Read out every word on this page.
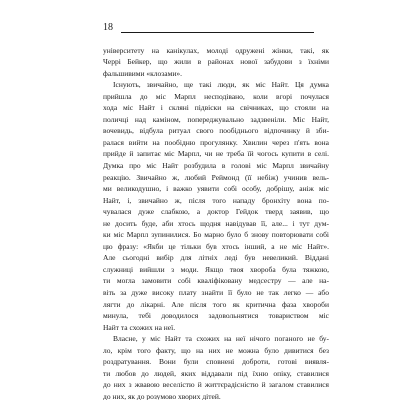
18
університету на канікулах, молоді одружені жінки, такі, як
Черрі Бейкер, що жили в районах нової забудови з їхніми
фальшивими «клозами».
Існують, звичайно, ще такі люди, як міс Найт. Ця думка
прийшла до міс Марпл несподівано, коли вгорі почулася
хода міс Найт і скляні підвіски на свічниках, що стояли на
поличці над каміном, попереджувально задзвеніли. Міс Найт,
вочевидь, відбула ритуал свого пообіднього відпочинку й зби-
ралася вийти на пообідню прогулянку. Хвилин через п'ять вона
прийде й запитає міс Марпл, чи не треба їй чогось купити в селі.
Думка про міс Найт розбудила в голові міс Марпл звичайну
реакцію. Звичайно ж, любий Реймонд (її небіж) учинив вель-
ми великодушно, і важко уявити собі особу, добрішу, аніж міс
Найт, і, звичайно ж, після того нападу бронхіту вона по-
чувалася дуже слабкою, а доктор Гейдок тверд заявив, що
не досить буде, аби хтось щодня навідував її, але... і тут дум-
ки міс Марпл зупинилися. Бо марно було б знову повторювати собі
цю фразу: «Якби це тільки був хтось інший, а не міс Найт».
Але сьогодні вибір для літніх леді був невеликий. Віддані
служниці вийшли з моди. Якщо твоя хвороба була тяжкою,
ти могла замовити собі кваліфіковану медсестру — але на-
віть за дуже високу плату знайти її було не так легко — або
лягти до лікарні. Але після того як критична фаза хвороби
минула, тебі доводилося задовольнятися товариством міс
Найт та схожих на неї.
Власне, у міс Найт та схожих на неї нічого поганого не бу-
ло, крім того факту, що на них не можна було дивитися без
роздратування. Вони були сповнені доброти, готові виявля-
ти любов до людей, яких віддавали під їхню опіку, ставилися
до них з жвавою веселістю й життєрадісністю й загалом ставилися
до них, як до розумово хворих дітей.
